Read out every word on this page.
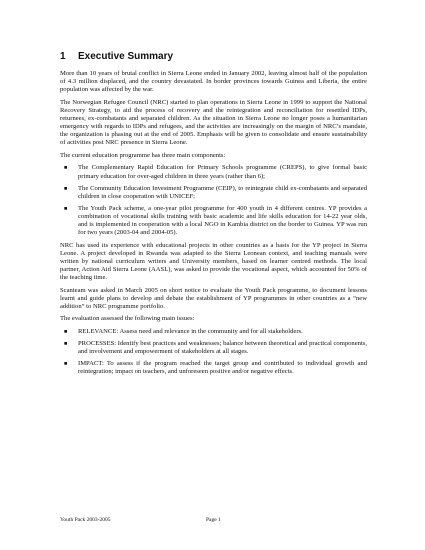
1 Executive Summary

More than 10 years of brutal conflict in Sierra Leone ended in January 2002, leaving almost half of the population of 4.3 million displaced, and the country devastated. In border provinces towards Guinea and Liberia, the entire population was affected by the war.

The Norwegian Refugee Council (NRC) started to plan operations in Sierra Leone in 1999 to support the National Recovery Strategy, to aid the process of recovery and the reintegration and reconciliation for resettled IDPs, returnees, ex-combatants and separated children. As the situation in Sierra Leone no longer poses a humanitarian emergency with regards to IDPs and refugees, and the activities are increasingly on the margin of NRC’s mandate, the organization is phasing out at the end of 2005. Emphasis will be given to consolidate and ensure sustainability of activities post NRC presence in Sierra Leone.

The current education programme has three main components:

■ The Complementary Rapid Education for Primary Schools programme (CREPS), to give formal basic primary education for over-aged children in three years (rather than 6);
■ The Community Education Investment Programme (CEIP), to reintegrate child ex-combatants and separated children in close cooperation with UNICEF;
■ The Youth Pack scheme, a one-year pilot programme for 400 youth in 4 different centres. YP provides a combination of vocational skills training with basic academic and life skills education for 14-22 year olds, and is implemented in cooperation with a local NGO in Kambia district on the border to Guinea. YP was run for two years (2003-04 and 2004-05).

NRC has used its experience with educational projects in other countries as a basis for the YP project in Sierra Leone. A project developed in Rwanda was adapted to the Sierra Leonean context, and teaching manuals were written by national curriculum writers and University members, based on learner centred methods. The local partner, Action Aid Sierra Leone (AASL), was asked to provide the vocational aspect, which accounted for 50% of the teaching time.

Scanteam was asked in March 2005 on short notice to evaluate the Youth Pack programme, to document lessons learnt and guide plans to develop and debate the establishment of YP programmes in other countries as a “new addition” to NRC programme portfolio.

The evaluation assessed the following main issues:

■ RELEVANCE: Assess need and relevance in the community and for all stakeholders.
■ PROCESSES: Identify best practices and weaknesses; balance between theoretical and practical components, and involvement and empowerment of stakeholders at all stages.
■ IMPACT: To assess if the program reached the target group and contributed to individual growth and reintegration; impact on teachers, and unforeseen positive and/or negative effects.
Youth Pack 2003-2005	Page 1
